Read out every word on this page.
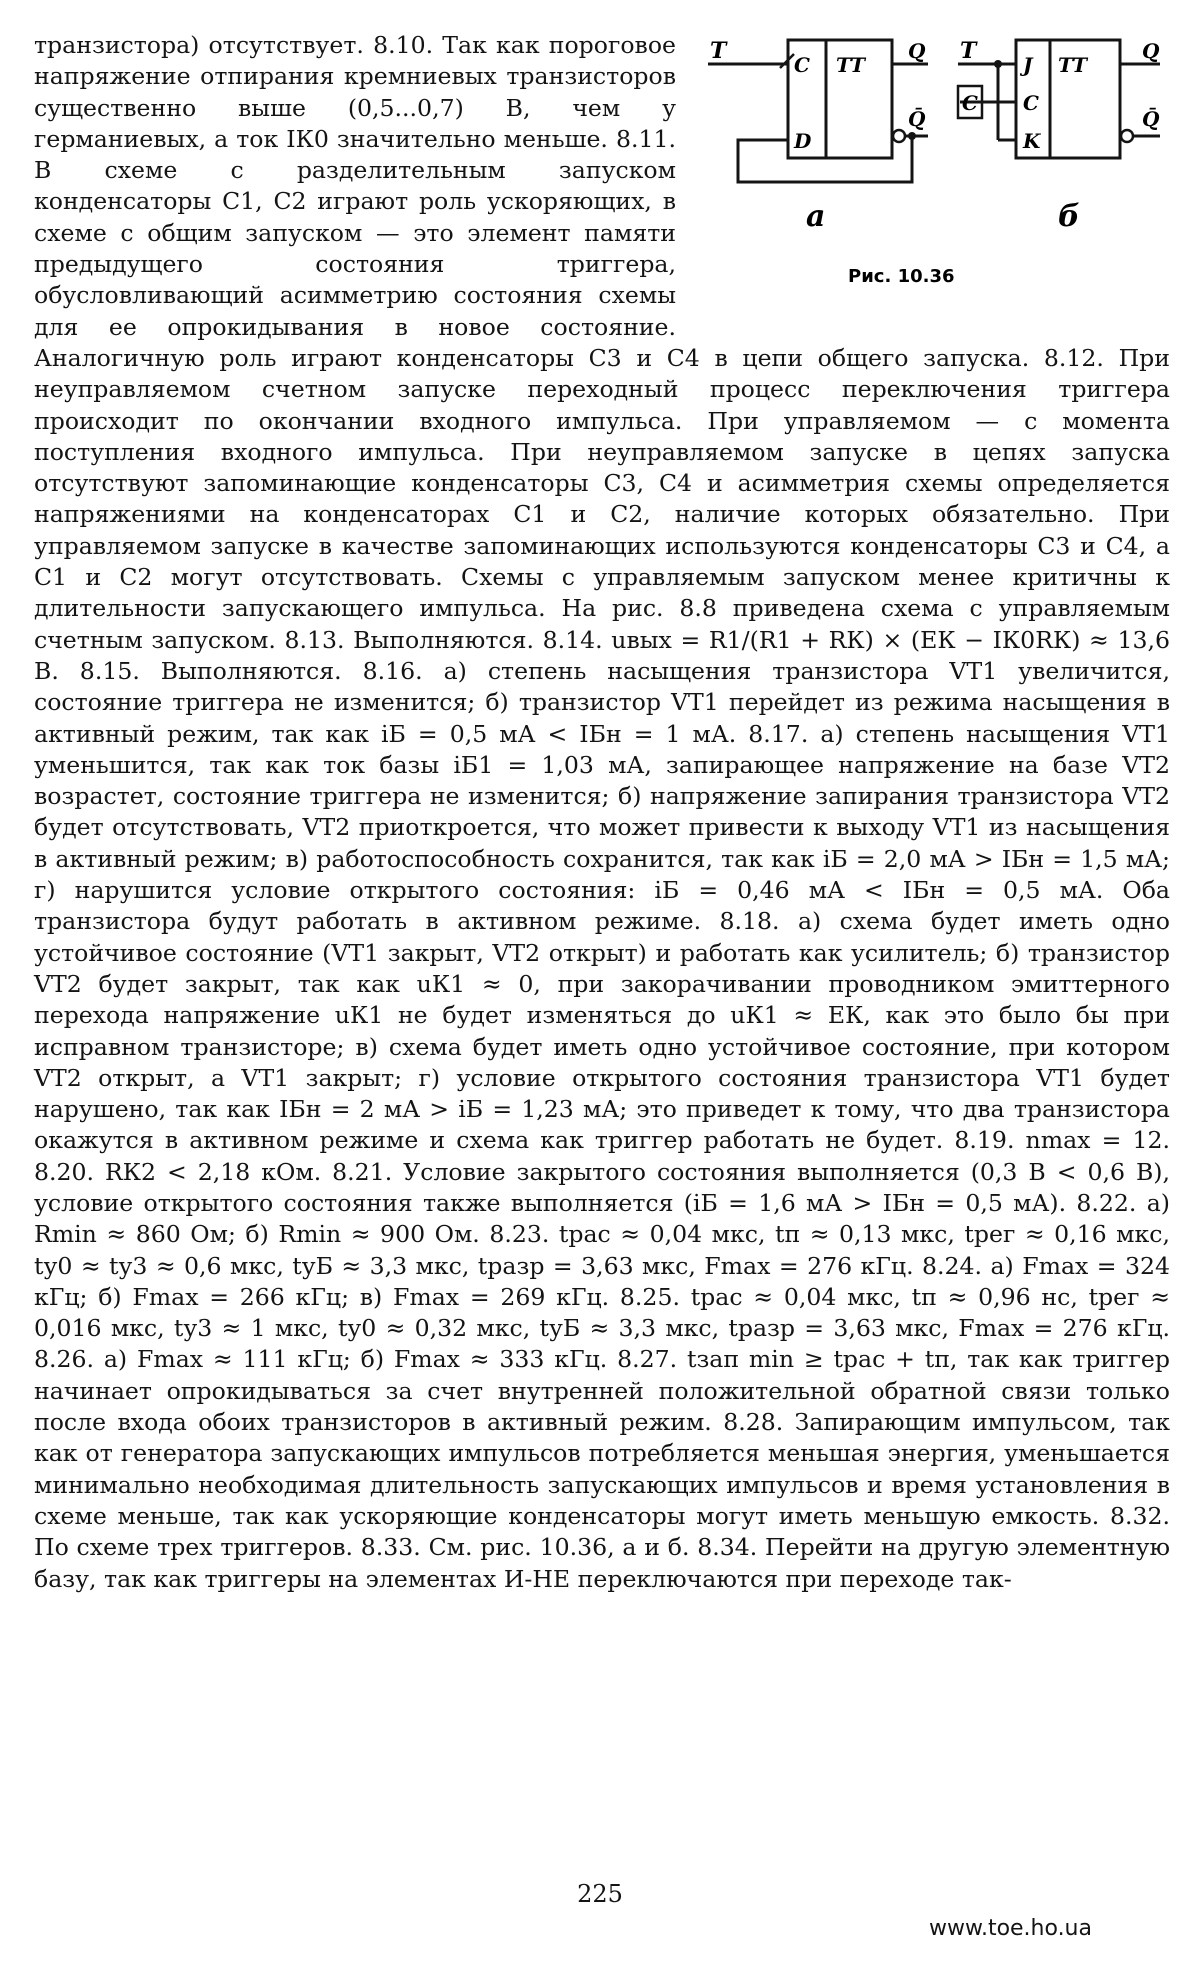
T
C
D
TT
Q
Q̄
а
T
C
J
C
K
TT
Q
Q̄
б
Рис. 10.36

транзистора) отсутствует. 8.10. Так как пороговое напряжение отпирания кремниевых транзисторов существенно выше (0,5...0,7) В, чем у германиевых, а ток IК0 значительно меньше. 8.11. В схеме с разделительным запуском конденсаторы C1, C2 играют роль ускоряющих, в схеме с общим запуском — это элемент памяти предыдущего состояния триггера, обусловливающий асимметрию состояния схемы для ее опрокидывания в новое состояние. Аналогичную роль играют конденсаторы C3 и C4 в цепи общего запуска. 8.12. При неуправляемом счетном запуске переходный процесс переключения триггера происходит по окончании входного импульса. При управляемом — с момента поступления входного импульса. При неуправляемом запуске в цепях запуска отсутствуют запоминающие конденсаторы C3, C4 и асимметрия схемы определяется напряжениями на конденсаторах C1 и C2, наличие которых обязательно. При управляемом запуске в качестве запоминающих используются конденсаторы C3 и C4, а C1 и C2 могут отсутствовать. Схемы с управляемым запуском менее критичны к длительности запускающего импульса. На рис. 8.8 приведена схема с управляемым счетным запуском. 8.13. Выполняются. 8.14. uвых = R1/(R1 + RК) × (EК − IК0RК) ≈ 13,6 В. 8.15. Выполняются. 8.16. а) степень насыщения транзистора VT1 увеличится, состояние триггера не изменится; б) транзистор VT1 перейдет из режима насыщения в активный режим, так как iБ = 0,5 мА < IБн = 1 мА. 8.17. а) степень насыщения VT1 уменьшится, так как ток базы iБ1 = 1,03 мА, запирающее напряжение на базе VT2 возрастет, состояние триггера не изменится; б) напряжение запирания транзистора VT2 будет отсутствовать, VT2 приоткроется, что может привести к выходу VT1 из насыщения в активный режим; в) работоспособность сохранится, так как iБ = 2,0 мА > IБн = 1,5 мА; г) нарушится условие открытого состояния: iБ = 0,46 мА < IБн = 0,5 мА. Оба транзистора будут работать в активном режиме. 8.18. а) схема будет иметь одно устойчивое состояние (VT1 закрыт, VT2 открыт) и работать как усилитель; б) транзистор VT2 будет закрыт, так как uК1 ≈ 0, при закорачивании проводником эмиттерного перехода напряжение uК1 не будет изменяться до uК1 ≈ EК, как это было бы при исправном транзисторе; в) схема будет иметь одно устойчивое состояние, при котором VT2 открыт, а VT1 закрыт; г) условие открытого состояния транзистора VT1 будет нарушено, так как IБн = 2 мА > iБ = 1,23 мА; это приведет к тому, что два транзистора окажутся в активном режиме и схема как триггер работать не будет. 8.19. nmax = 12. 8.20. RК2 < 2,18 кОм. 8.21. Условие закрытого состояния выполняется (0,3 В < 0,6 В), условие открытого состояния также выполняется (iБ = 1,6 мА > IБн = 0,5 мА). 8.22. а) Rmin ≈ 860 Ом; б) Rmin ≈ 900 Ом. 8.23. tрас ≈ 0,04 мкс, tп ≈ 0,13 мкс, tрег ≈ 0,16 мкс, tу0 ≈ tу3 ≈ 0,6 мкс, tуБ ≈ 3,3 мкс, tразр = 3,63 мкс, Fmax = 276 кГц. 8.24. а) Fmax = 324 кГц; б) Fmax = 266 кГц; в) Fmax = 269 кГц. 8.25. tрас ≈ 0,04 мкс, tп ≈ 0,96 нс, tрег ≈ 0,016 мкс, tу3 ≈ 1 мкс, tу0 ≈ 0,32 мкс, tуБ ≈ 3,3 мкс, tразр = 3,63 мкс, Fmax = 276 кГц. 8.26. а) Fmax ≈ 111 кГц; б) Fmax ≈ 333 кГц. 8.27. tзап min ≥ tрас + tп, так как триггер начинает опрокидываться за счет внутренней положительной обратной связи только после входа обоих транзисторов в активный режим. 8.28. Запирающим импульсом, так как от генератора запускающих импульсов потребляется меньшая энергия, уменьшается минимально необходимая длительность запускающих импульсов и время установления в схеме меньше, так как ускоряющие конденсаторы могут иметь меньшую емкость. 8.32. По схеме трех триггеров. 8.33. См. рис. 10.36, а и б. 8.34. Перейти на другую элементную базу, так как триггеры на элементах И-НЕ переключаются при переходе так-

225
www.toe.ho.ua
